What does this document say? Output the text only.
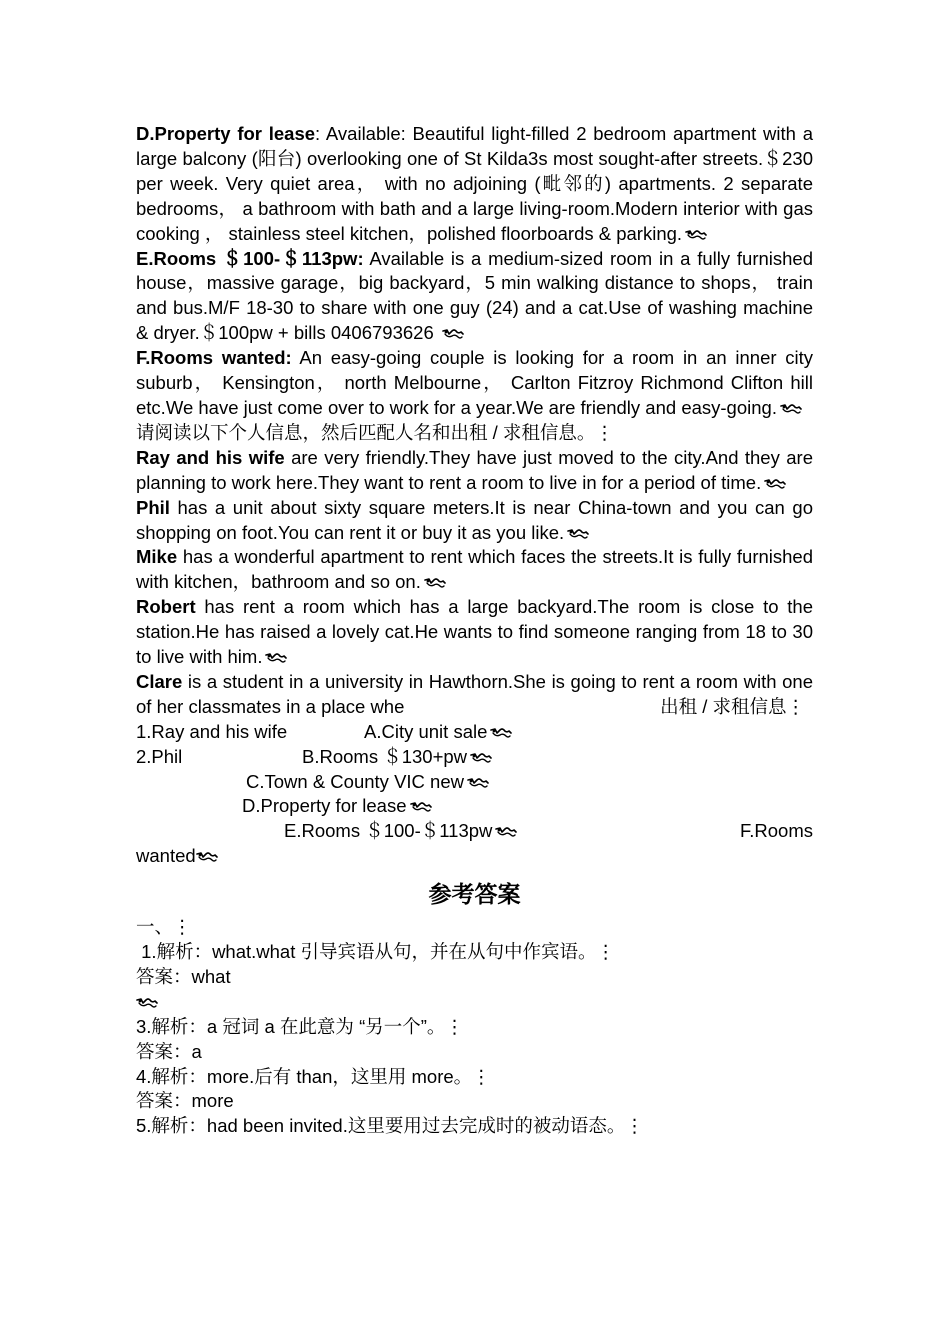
D.Property for lease: Available: Beautiful light-filled 2 bedroom apartment with a large balcony (阳台) overlooking one of St Kilda3s most sought-after streets.＄230 per week. Very quiet area， with no adjoining (毗邻的) apartments. 2 separate bedrooms， a bathroom with bath and a large living-room.Modern interior with gas cooking ， stainless steel kitchen，polished floorboards & parking.

E.Rooms ＄100-＄113pw: Available is a medium-sized room in a fully furnished house，massive garage，big backyard，5 min walking distance to shops， train and bus.M/F 18-30 to share with one guy (24) and a cat.Use of washing machine & dryer.＄100pw + bills 0406793626

F.Rooms wanted: An easy-going couple is looking for a room in an inner city suburb， Kensington， north Melbourne， Carlton Fitzroy Richmond Clifton hill etc.We have just come over to work for a year.We are friendly and easy-going.

请阅读以下个人信息，然后匹配人名和出租 / 求租信息。⋮

Ray and his wife are very friendly.They have just moved to the city.And they are planning to work here.They want to rent a room to live in for a period of time.

Phil has a unit about sixty square meters.It is near China-town and you can go shopping on foot.You can rent it or buy it as you like.

Mike has a wonderful apartment to rent which faces the streets.It is fully furnished with kitchen，bathroom and so on.

Robert has rent a room which has a large backyard.The room is close to the station.He has raised a lovely cat.He wants to find someone ranging from 18 to 30 to live with him.

Clare is a student in a university in Hawthorn.She is going to rent a room with one of her classmates in a place whe	出租 / 求租信息⋮
1.Ray and his wife	A.City unit sale
2.Phil	B.Rooms ＄130+pw
C.Town & County VIC new
D.Property for lease
E.Rooms ＄100-＄113pw	F.Rooms
wanted
参考答案

一、⋮

1.解析：what.what 引导宾语从句，并在从句中作宾语。⋮

答案：what

3.解析：a 冠词 a 在此意为 “另一个”。⋮

答案：a

4.解析：more.后有 than，这里用 more。⋮

答案：more

5.解析：had been invited.这里要用过去完成时的被动语态。⋮
